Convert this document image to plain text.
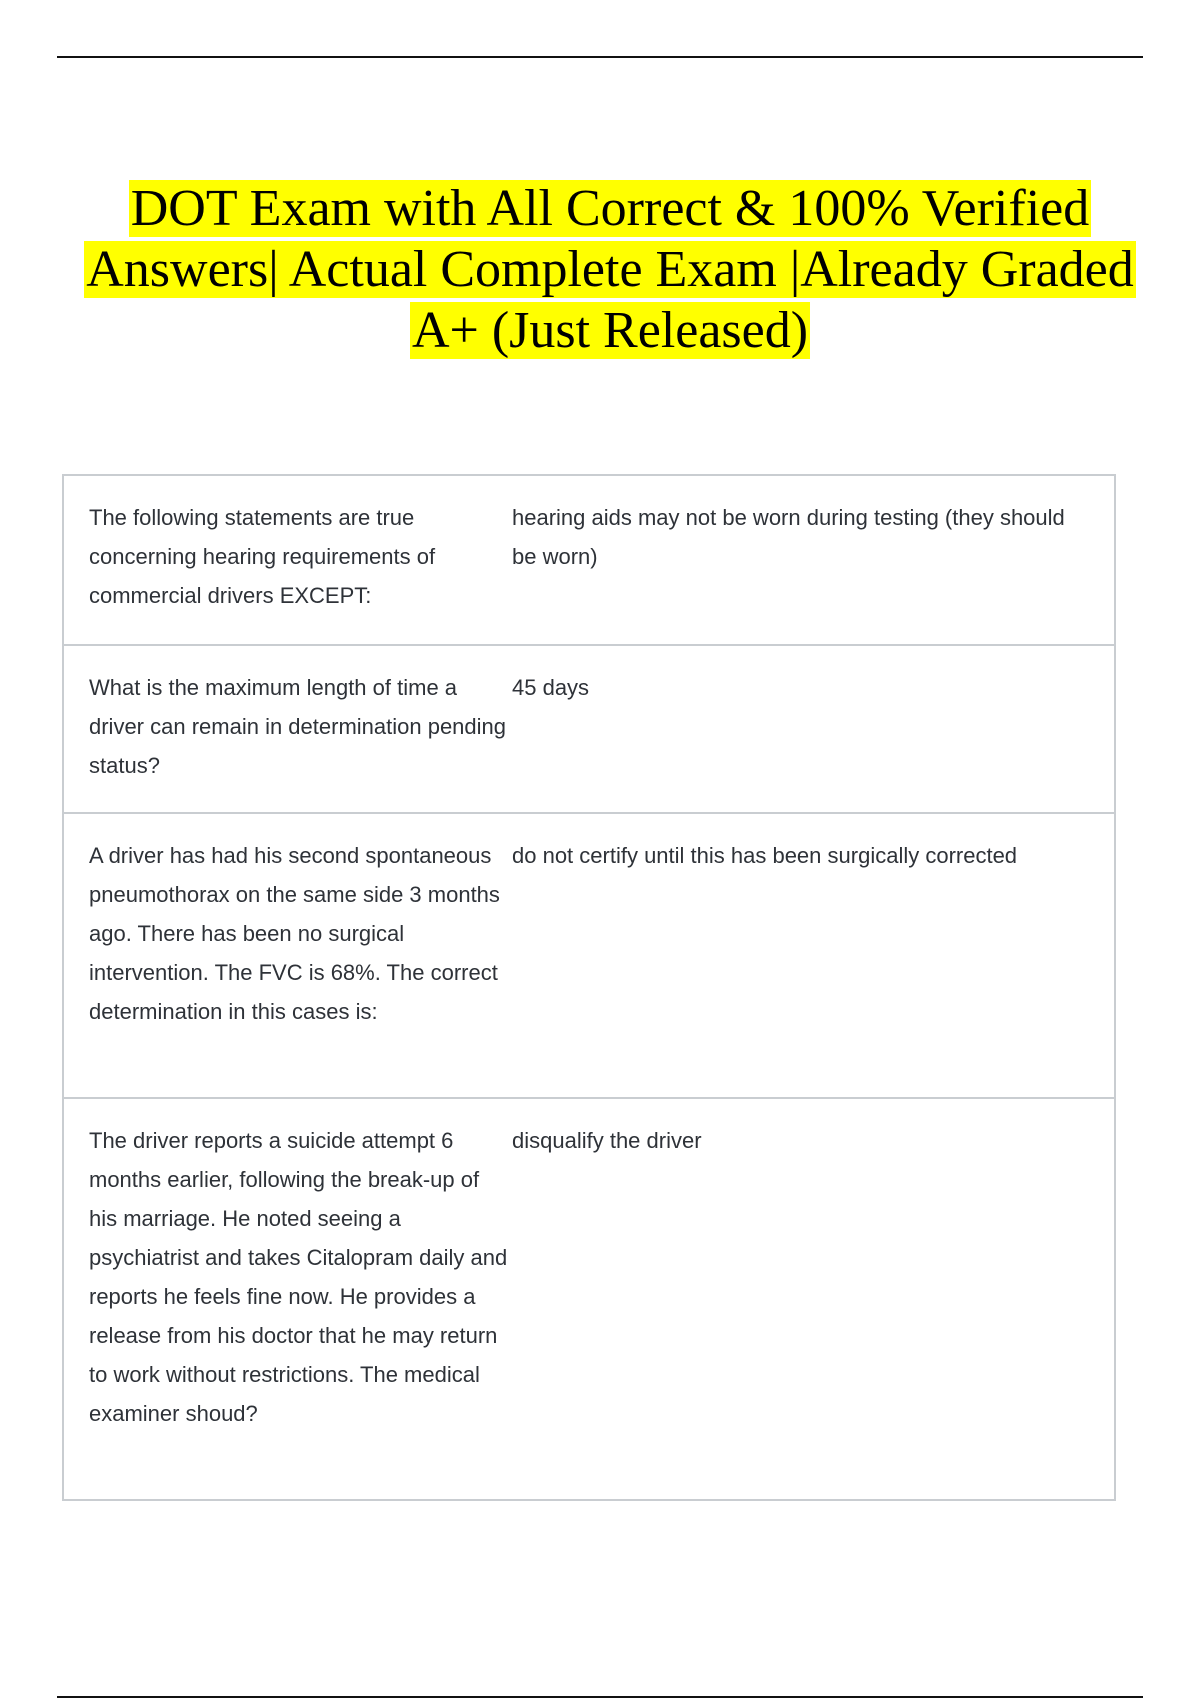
DOT Exam with All Correct & 100% Verified
Answers| Actual Complete Exam |Already Graded
A+ (Just Released)
The following statements are true concerning hearing requirements of commercial drivers EXCEPT:
hearing aids may not be worn during testing (they should be worn)
What is the maximum length of time a driver can remain in determination pending status?
45 days
A driver has had his second spontaneous pneumothorax on the same side 3 months ago. There has been no surgical intervention. The FVC is 68%. The correct determination in this cases is:
do not certify until this has been surgically corrected
The driver reports a suicide attempt 6 months earlier, following the break-up of his marriage. He noted seeing a psychiatrist and takes Citalopram daily and reports he feels fine now. He provides a release from his doctor that he may return to work without restrictions. The medical examiner shoud?
disqualify the driver
